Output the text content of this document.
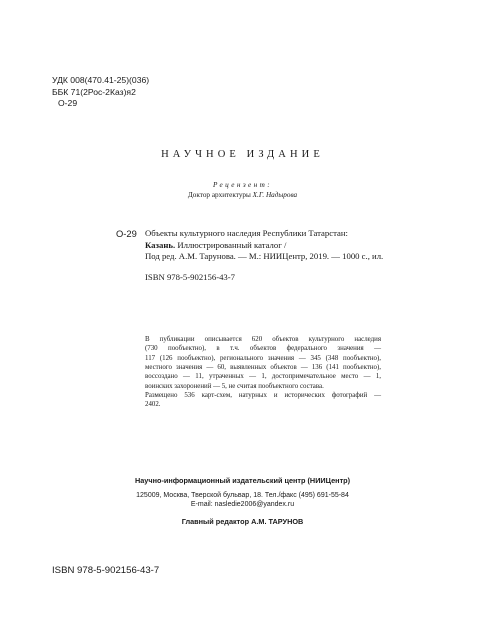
УДК 008(470.41-25)(036)
ББК 71(2Рос-2Каз)я2
О-29
НАУЧНОЕ ИЗДАНИЕ
Рецензент:
Доктор архитектуры Х.Г. Надырова
О-29 Объекты культурного наследия Республики Татарстан:
Казань. Иллюстрированный каталог /
Под ред. А.М. Тарунова. — М.: НИИЦентр, 2019. — 1000 с., ил.
ISBN 978-5-902156-43-7
В публикации описывается 620 объектов культурного наследия
(730 пообъектно), в т.ч. объектов федерального значения —
117 (126 пообъектно), регионального значения — 345 (348 пообъектно),
местного значения — 60, выявленных объектов — 136 (141 пообъектно),
воссоздано — 11, утраченных — 1, достопримечательное место — 1,
воинских захоронений — 5, не считая пообъектного состава.
Размещено 536 карт-схем, натурных и исторических фотографий —
2402.
Научно-информационный издательский центр (НИИЦентр)
125009, Москва, Тверской бульвар, 18. Тел./факс (495) 691-55-84
E-mail: nasledie2006@yandex.ru
Главный редактор А.М. ТАРУНОВ
ISBN 978-5-902156-43-7
